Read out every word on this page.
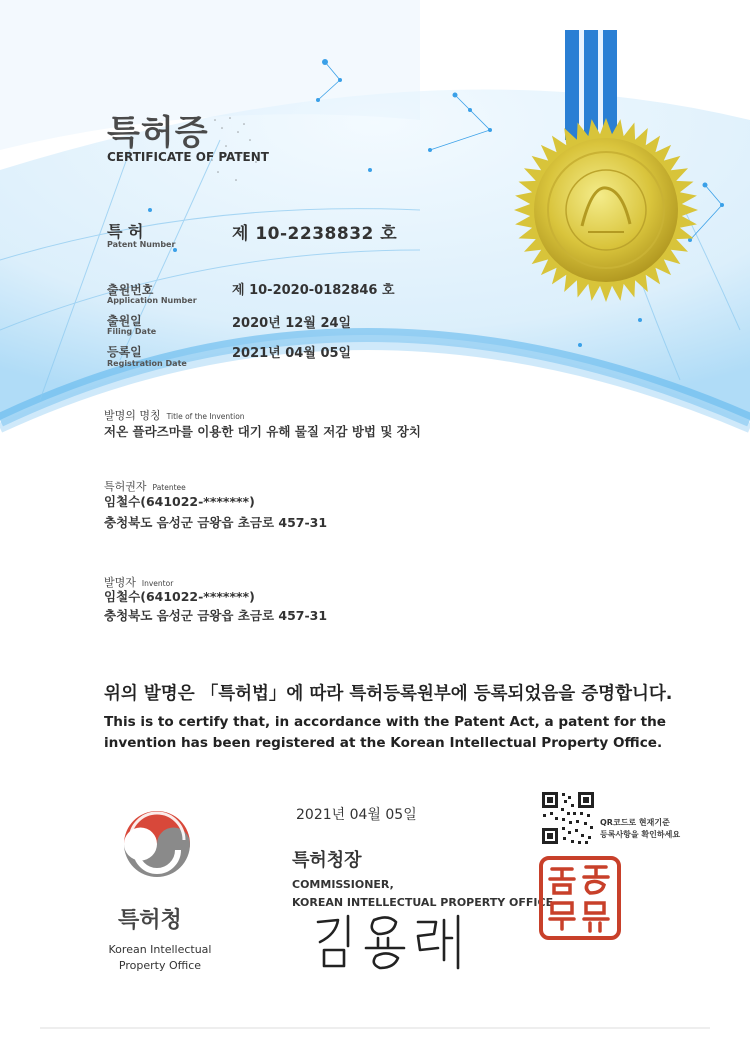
특허증
CERTIFICATE OF PATENT
특 허
Patent Number
제 10-2238832 호
출원번호
Application Number
제 10-2020-0182846 호
출원일
Filing Date
2020년 12월 24일
등록일
Registration Date
2021년 04월 05일
발명의 명칭 Title of the Invention
저온 플라즈마를 이용한 대기 유해 물질 저감 방법 및 장치
특허권자 Patentee
임철수(641022-*******)
충청북도 음성군 금왕읍 초금로 457-31
발명자 Inventor
임철수(641022-*******)
충청북도 음성군 금왕읍 초금로 457-31
위의 발명은 「특허법」에 따라 특허등록원부에 등록되었음을 증명합니다.
This is to certify that, in accordance with the Patent Act, a patent for the invention has been registered at the Korean Intellectual Property Office.
특허청
Korean Intellectual Property Office
2021년 04월 05일
특허청장
COMMISSIONER,
KOREAN INTELLECTUAL PROPERTY OFFICE
QR코드로 현재기준
등록사항을 확인하세요
